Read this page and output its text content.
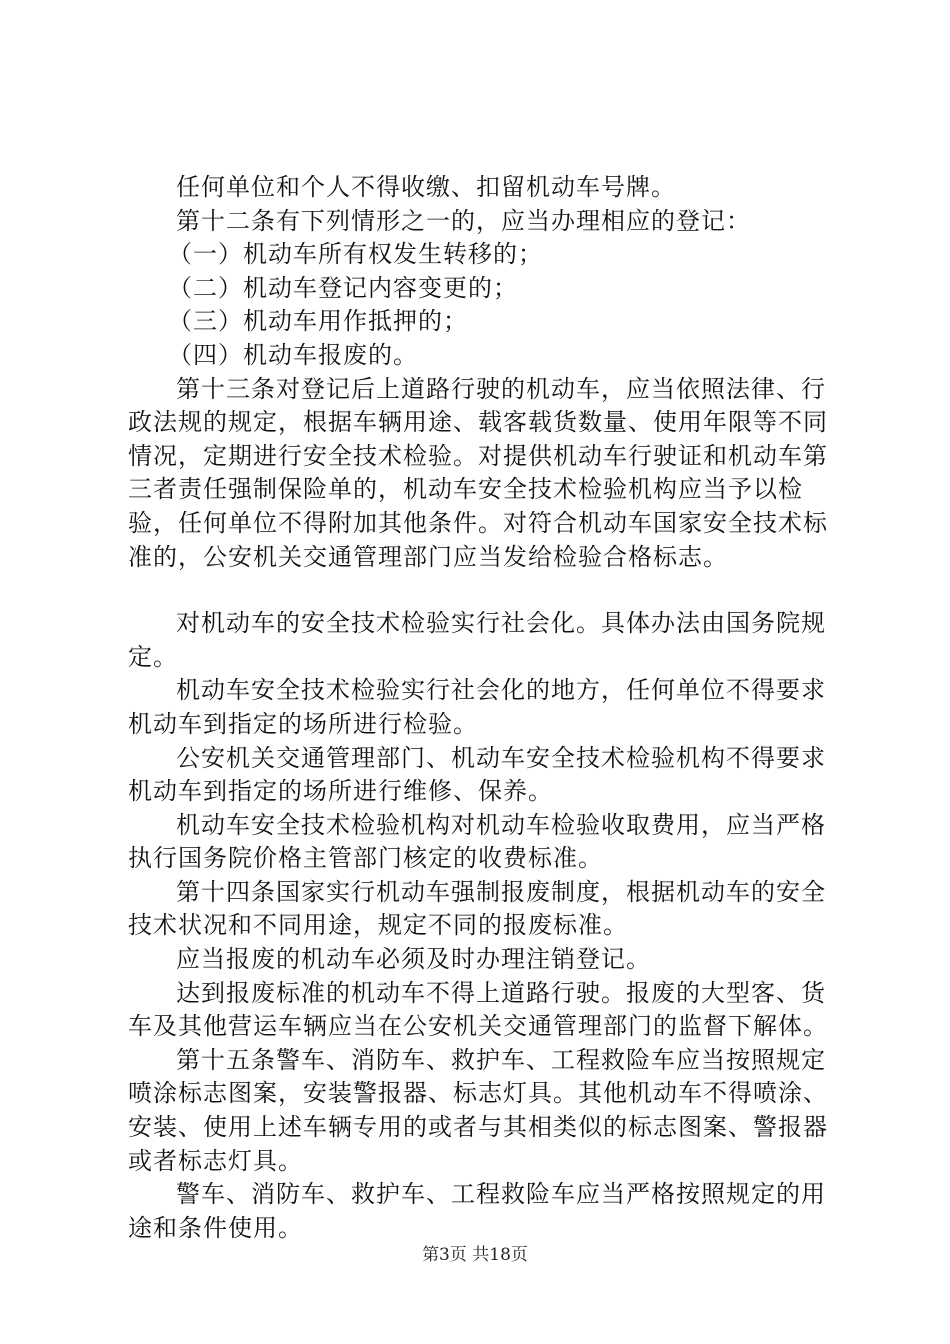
任何单位和个人不得收缴、扣留机动车号牌。

第十二条有下列情形之一的，应当办理相应的登记：

（一）机动车所有权发生转移的；

（二）机动车登记内容变更的；

（三）机动车用作抵押的；

（四）机动车报废的。

第十三条对登记后上道路行驶的机动车，应当依照法律、行政法规的规定，根据车辆用途、载客载货数量、使用年限等不同情况，定期进行安全技术检验。对提供机动车行驶证和机动车第三者责任强制保险单的，机动车安全技术检验机构应当予以检验，任何单位不得附加其他条件。对符合机动车国家安全技术标准的，公安机关交通管理部门应当发给检验合格标志。

对机动车的安全技术检验实行社会化。具体办法由国务院规定。

机动车安全技术检验实行社会化的地方，任何单位不得要求机动车到指定的场所进行检验。

公安机关交通管理部门、机动车安全技术检验机构不得要求机动车到指定的场所进行维修、保养。

机动车安全技术检验机构对机动车检验收取费用，应当严格执行国务院价格主管部门核定的收费标准。

第十四条国家实行机动车强制报废制度，根据机动车的安全技术状况和不同用途，规定不同的报废标准。

应当报废的机动车必须及时办理注销登记。

达到报废标准的机动车不得上道路行驶。报废的大型客、货车及其他营运车辆应当在公安机关交通管理部门的监督下解体。

第十五条警车、消防车、救护车、工程救险车应当按照规定喷涂标志图案，安装警报器、标志灯具。其他机动车不得喷涂、安装、使用上述车辆专用的或者与其相类似的标志图案、警报器或者标志灯具。

警车、消防车、救护车、工程救险车应当严格按照规定的用途和条件使用。

第3页 共18页
